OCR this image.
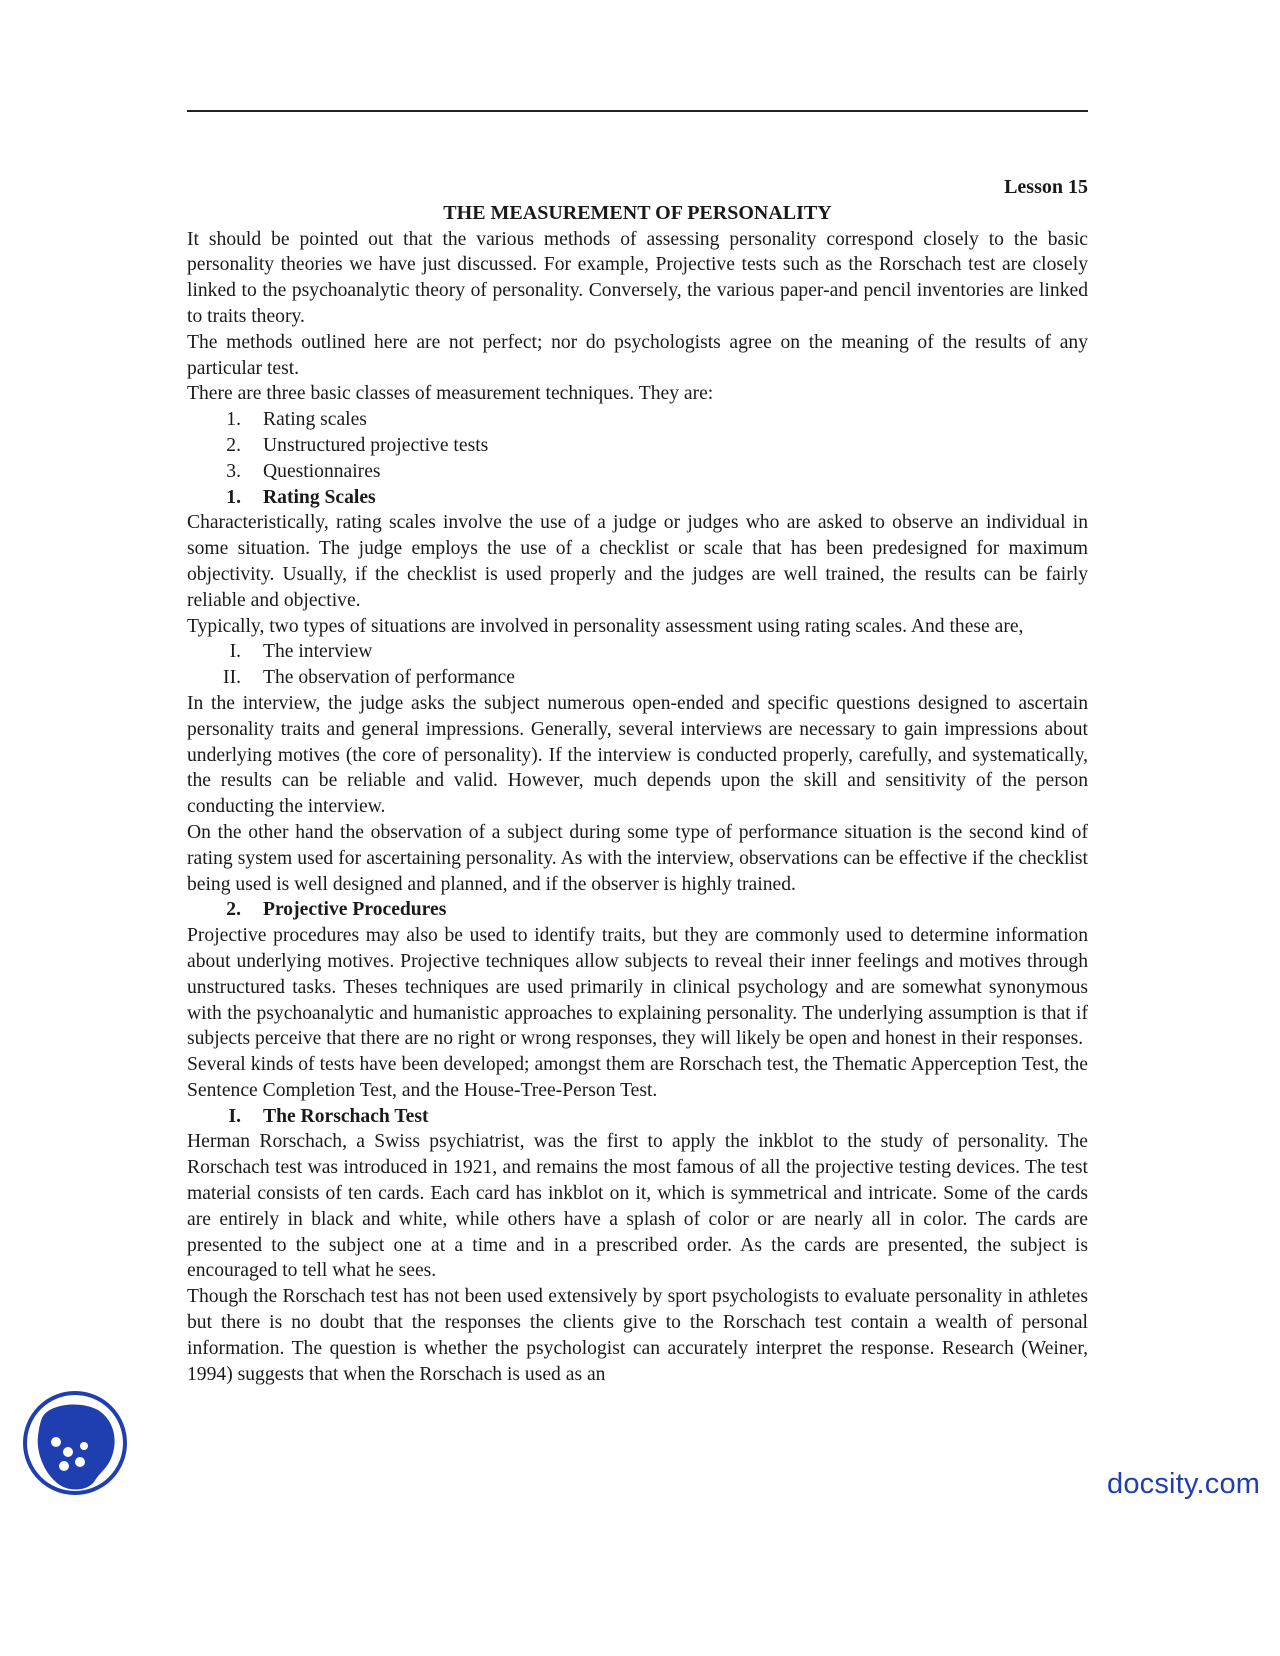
Lesson 15
THE MEASUREMENT OF PERSONALITY

It should be pointed out that the various methods of assessing personality correspond closely to the basic personality theories we have just discussed. For example, Projective tests such as the Rorschach test are closely linked to the psychoanalytic theory of personality. Conversely, the various paper-and pencil inventories are linked to traits theory.

The methods outlined here are not perfect; nor do psychologists agree on the meaning of the results of any particular test.

There are three basic classes of measurement techniques. They are:

1. Rating scales
2. Unstructured projective tests
3. Questionnaires
1. Rating Scales

Characteristically, rating scales involve the use of a judge or judges who are asked to observe an individual in some situation. The judge employs the use of a checklist or scale that has been predesigned for maximum objectivity. Usually, if the checklist is used properly and the judges are well trained, the results can be fairly reliable and objective.

Typically, two types of situations are involved in personality assessment using rating scales. And these are,

I. The interview
II. The observation of performance

In the interview, the judge asks the subject numerous open-ended and specific questions designed to ascertain personality traits and general impressions. Generally, several interviews are necessary to gain impressions about underlying motives (the core of personality). If the interview is conducted properly, carefully, and systematically, the results can be reliable and valid. However, much depends upon the skill and sensitivity of the person conducting the interview.

On the other hand the observation of a subject during some type of performance situation is the second kind of rating system used for ascertaining personality. As with the interview, observations can be effective if the checklist being used is well designed and planned, and if the observer is highly trained.

2. Projective Procedures

Projective procedures may also be used to identify traits, but they are commonly used to determine information about underlying motives. Projective techniques allow subjects to reveal their inner feelings and motives through unstructured tasks. Theses techniques are used primarily in clinical psychology and are somewhat synonymous with the psychoanalytic and humanistic approaches to explaining personality. The underlying assumption is that if subjects perceive that there are no right or wrong responses, they will likely be open and honest in their responses.

Several kinds of tests have been developed; amongst them are Rorschach test, the Thematic Apperception Test, the Sentence Completion Test, and the House-Tree-Person Test.

I. The Rorschach Test

Herman Rorschach, a Swiss psychiatrist, was the first to apply the inkblot to the study of personality. The Rorschach test was introduced in 1921, and remains the most famous of all the projective testing devices. The test material consists of ten cards. Each card has inkblot on it, which is symmetrical and intricate. Some of the cards are entirely in black and white, while others have a splash of color or are nearly all in color. The cards are presented to the subject one at a time and in a prescribed order. As the cards are presented, the subject is encouraged to tell what he sees.

Though the Rorschach test has not been used extensively by sport psychologists to evaluate personality in athletes but there is no doubt that the responses the clients give to the Rorschach test contain a wealth of personal information. The question is whether the psychologist can accurately interpret the response. Research (Weiner, 1994) suggests that when the Rorschach is used as an

docsity.com
